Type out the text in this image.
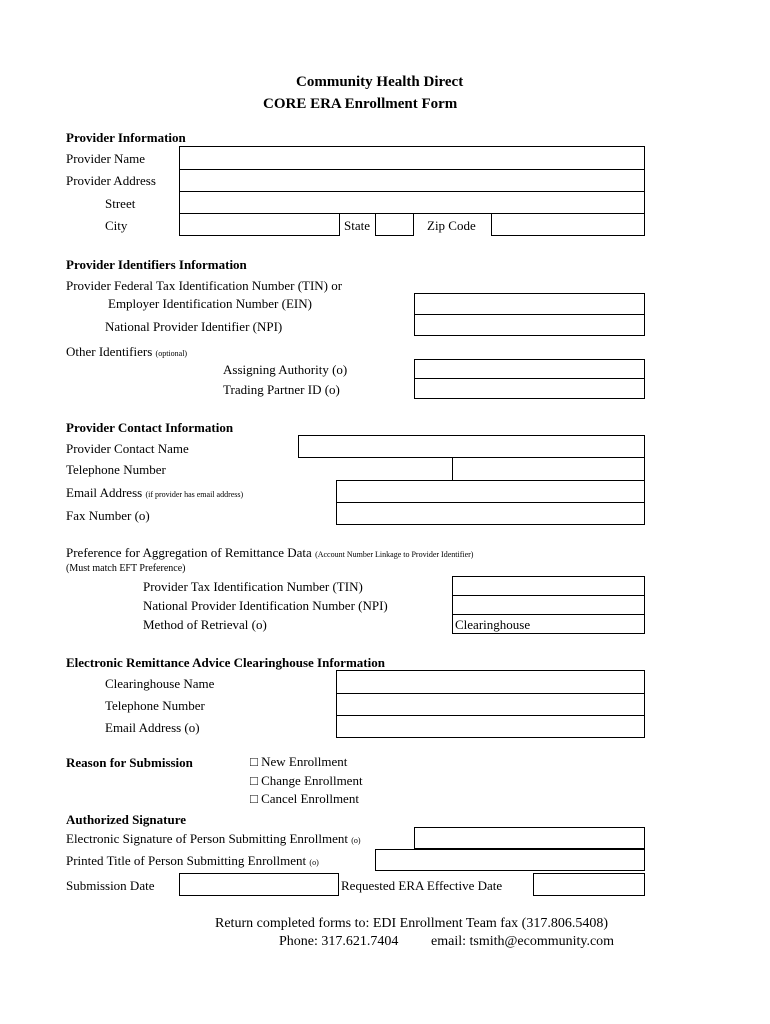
Community Health Direct
CORE ERA Enrollment Form
Provider Information
Provider Name
Provider Address
Street
City	State	Zip Code
Provider Identifiers Information
Provider Federal Tax Identification Number (TIN) or
Employer Identification Number (EIN)
National Provider Identifier (NPI)
Other Identifiers (optional)
Assigning Authority (o)
Trading Partner ID (o)
Provider Contact Information
Provider Contact Name
Telephone Number
Email Address (if provider has email address)
Fax Number (o)
Preference for Aggregation of Remittance Data (Account Number Linkage to Provider Identifier)
(Must match EFT Preference)
Provider Tax Identification Number (TIN)
National Provider Identification Number (NPI)
Method of Retrieval (o)	Clearinghouse
Electronic Remittance Advice Clearinghouse Information
Clearinghouse Name
Telephone Number
Email Address (o)
Reason for Submission	□ New Enrollment
□ Change Enrollment
□ Cancel Enrollment
Authorized Signature
Electronic Signature of Person Submitting Enrollment (o)
Printed Title of Person Submitting Enrollment (o)
Submission Date	Requested ERA Effective Date
Return completed forms to: EDI Enrollment Team fax (317.806.5408)
Phone: 317.621.7404 email: tsmith@ecommunity.com
